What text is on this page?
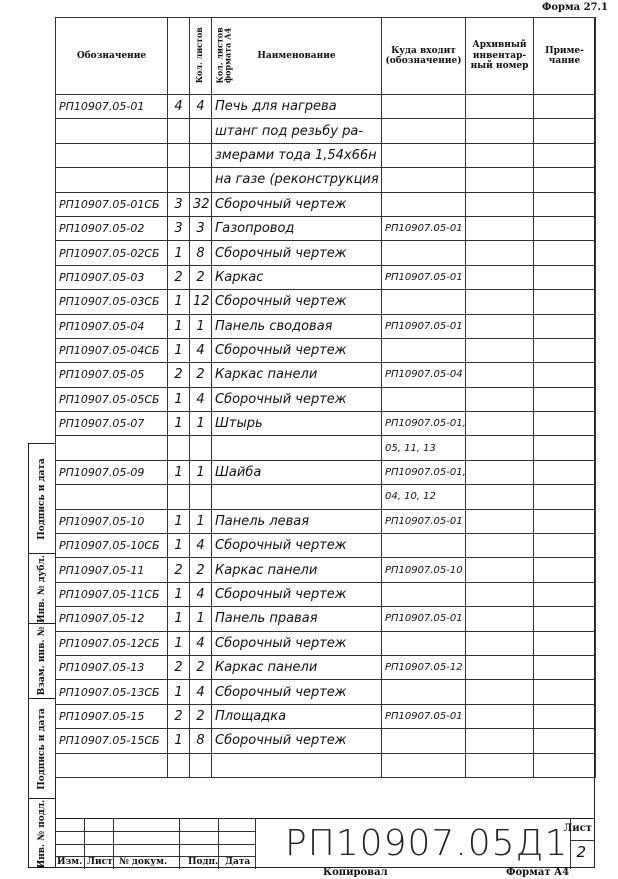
Форма 27.1
Обозначение	Кол. листов	Кол. листов формата А4	Наименование	Куда входит (обозначение)	Архивный инвентар-ный номер	Приме-чание
РП10907.05-01	4	4	Печь для нагрева			
			штанг под резьбу ра-			
			змерами тода 1,54х66н			
			на газе (реконструкция			
РП10907.05-01СБ	3	32	Сборочный чертеж			
РП10907.05-02	3	3	Газопровод	РП10907.05-01		
РП10907.05-02СБ	1	8	Сборочный чертеж			
РП10907.05-03	2	2	Каркас	РП10907.05-01		
РП10907.05-03СБ	1	12	Сборочный чертеж			
РП10907.05-04	1	1	Панель сводовая	РП10907.05-01		
РП10907.05-04СБ	1	4	Сборочный чертеж			
РП10907.05-05	2	2	Каркас панели	РП10907.05-04		
РП10907.05-05СБ	1	4	Сборочный чертеж			
РП10907.05-07	1	1	Штырь	РП10907.05-01,		
				05, 11, 13		
РП10907.05-09	1	1	Шайба	РП10907.05-01,		
				04, 10, 12		
РП10907.05-10	1	1	Панель левая	РП10907.05-01		
РП10907.05-10СБ	1	4	Сборочный чертеж			
РП10907.05-11	2	2	Каркас панели	РП10907.05-10		
РП10907.05-11СБ	1	4	Сборочный чертеж			
РП10907.05-12	1	1	Панель правая	РП10907.05-01		
РП10907.05-12СБ	1	4	Сборочный чертеж			
РП10907.05-13	2	2	Каркас панели	РП10907.05-12		
РП10907.05-13СБ	1	4	Сборочный чертеж			
РП10907.05-15	2	2	Площадка	РП10907.05-01		
РП10907.05-15СБ	1	8	Сборочный чертеж			

Подпись и дата
Инв. № дубл.
Взам. инв. №
Подпись и дата
Инв. № подл. Изм. Лист № докум. Подп. Дата РП10907.05Д1
Лист
2
Копировал	Формат А4
